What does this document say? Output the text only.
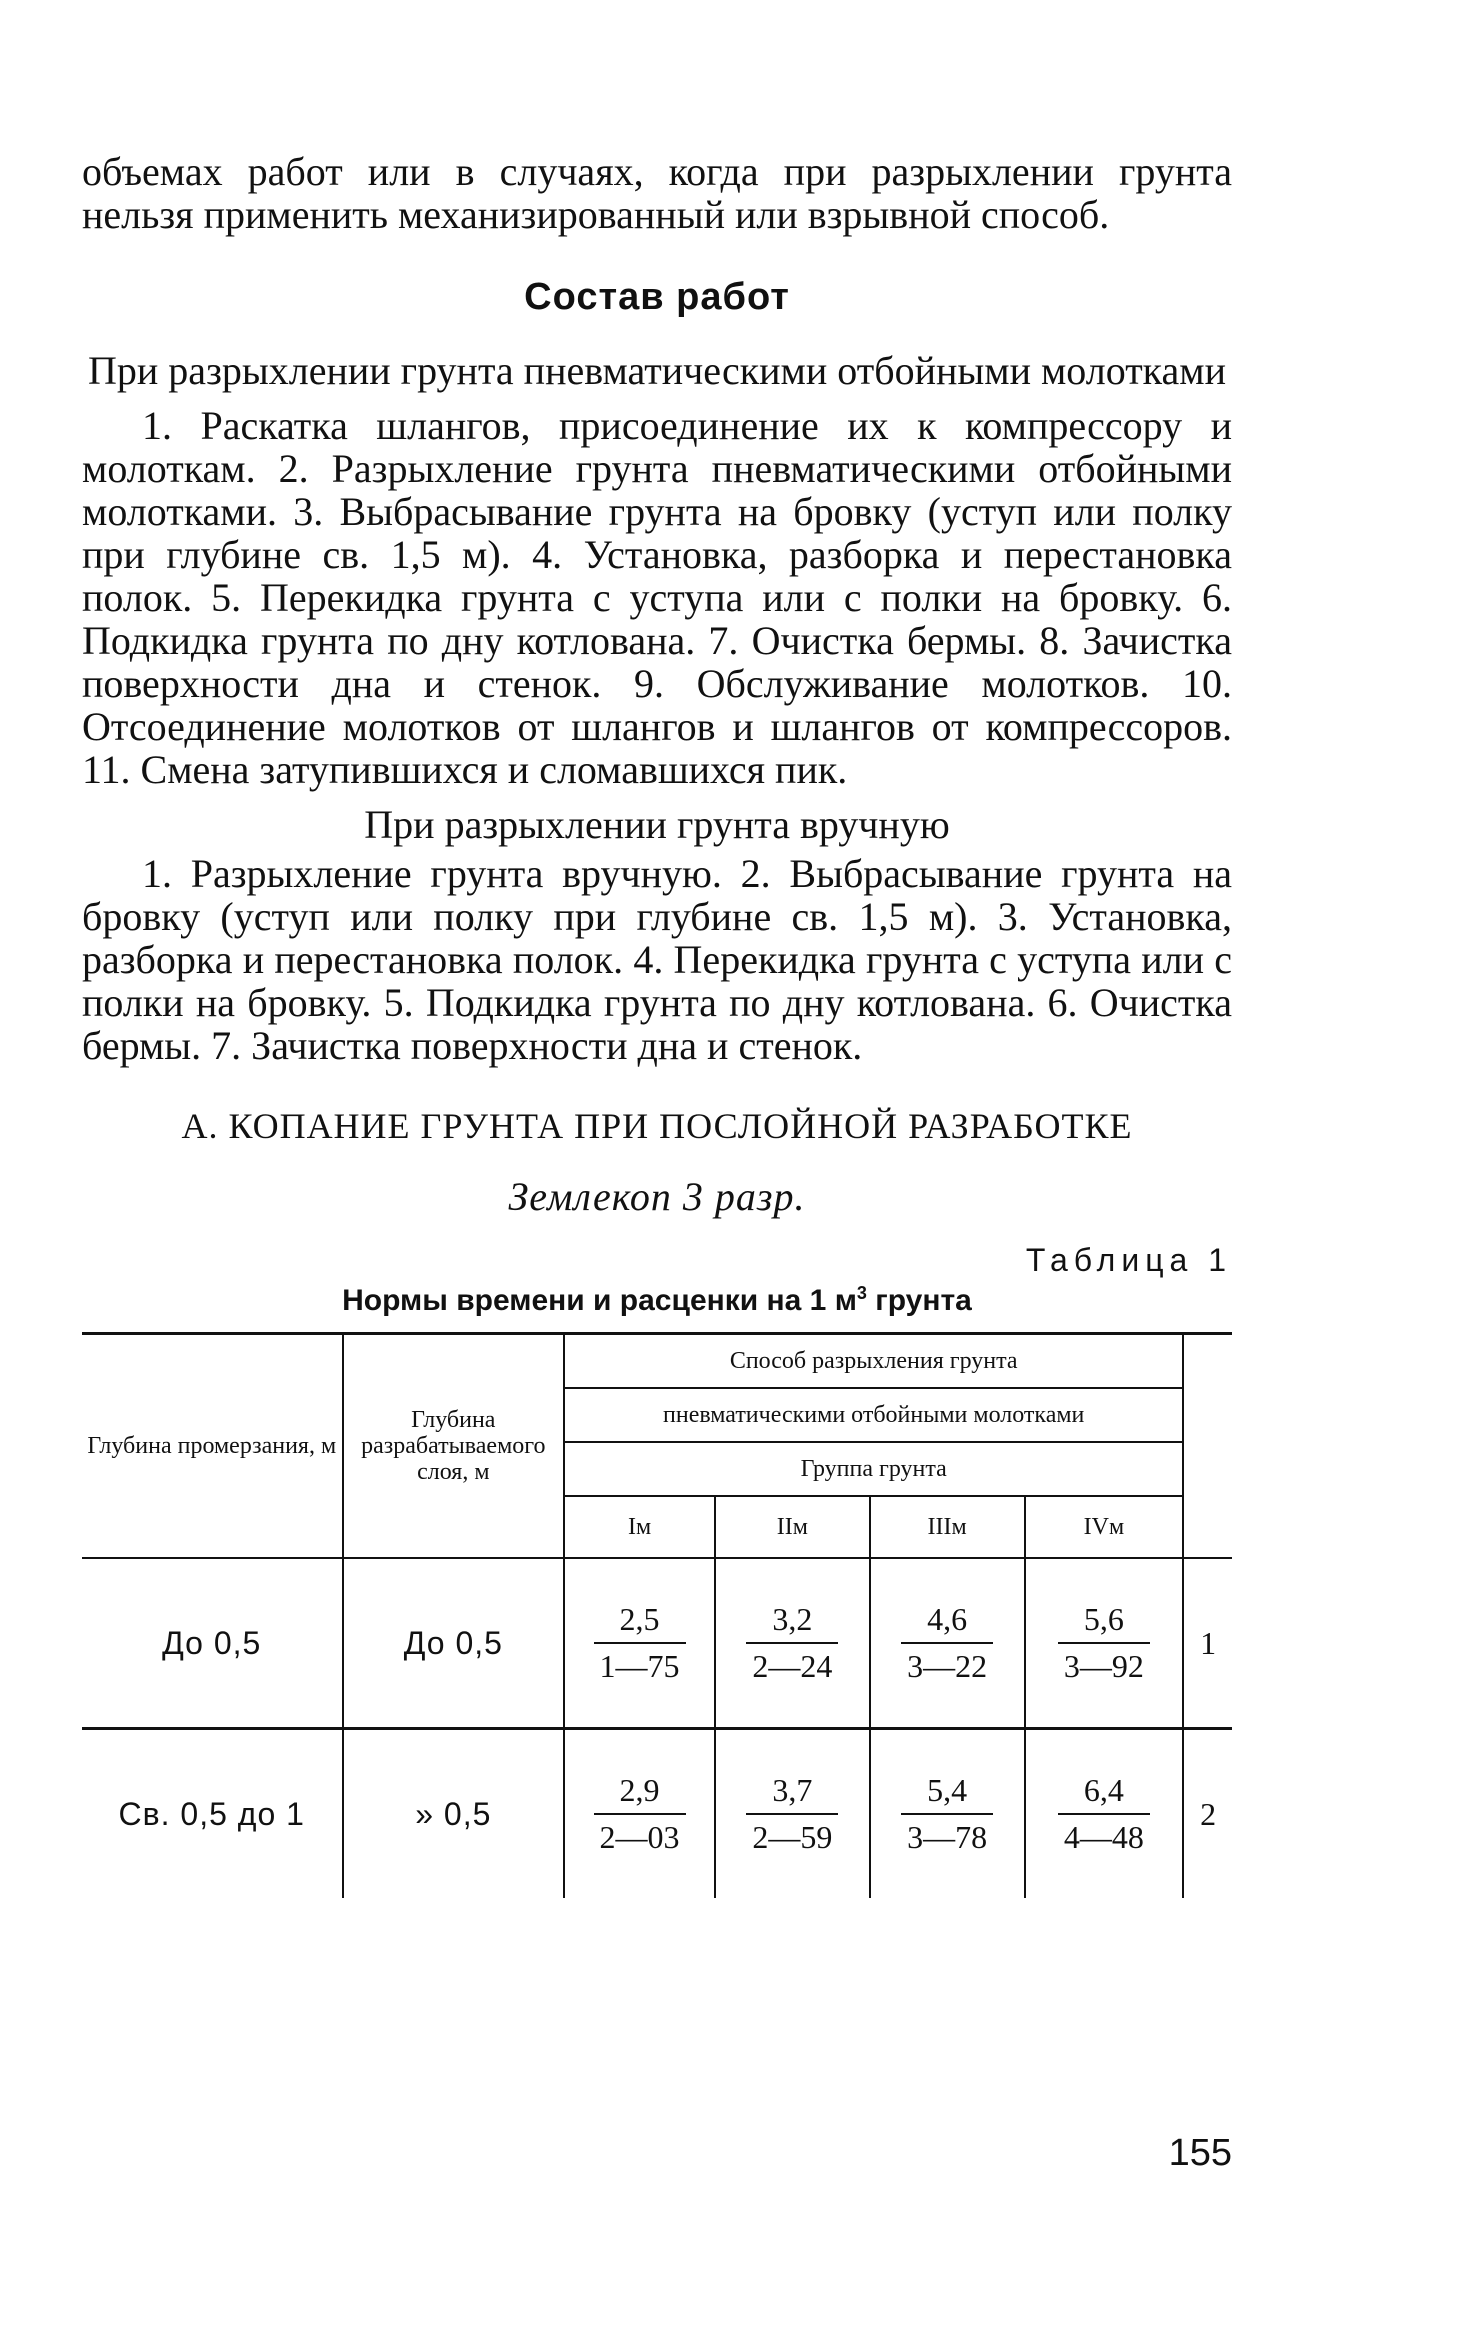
объемах работ или в случаях, когда при разрыхлении грунта нельзя применить механизированный или взрывной способ.

Состав работ
При разрыхлении грунта пневматическими отбойными молотками

1. Раскатка шлангов, присоединение их к компрессору и молоткам. 2. Разрыхление грунта пневматическими отбойными молотками. 3. Выбрасывание грунта на бровку (уступ или полку при глубине св. 1,5 м). 4. Установка, разборка и перестановка полок. 5. Перекидка грунта с уступа или с полки на бровку. 6. Подкидка грунта по дну котлована. 7. Очистка бермы. 8. Зачистка поверхности дна и стенок. 9. Обслуживание молотков. 10. Отсоединение молотков от шлангов и шлангов от компрессоров. 11. Смена затупившихся и сломавшихся пик.

При разрыхлении грунта вручную

1. Разрыхление грунта вручную. 2. Выбрасывание грунта на бровку (уступ или полку при глубине св. 1,5 м). 3. Установка, разборка и перестановка полок. 4. Перекидка грунта с уступа или с полки на бровку. 5. Подкидка грунта по дну котлована. 6. Очистка бермы. 7. Зачистка поверхности дна и стенок.

А. КОПАНИЕ ГРУНТА ПРИ ПОСЛОЙНОЙ РАЗРАБОТКЕ
Землекоп 3 разр.
Таблица 1
Нормы времени и расценки на 1 $м^3$ грунта
Глубина промерзания, м	Глубина разрабатываемого слоя, м	Способ разрыхления грунта				
		пневматическими отбойными молотками				
		Группа грунта				
		Iм	IIм	IIIм	IVм	
До 0,5	До 0,5	$\frac{2,5}{1—75}$	$\frac{3,2}{2—24}$	$\frac{4,6}{3—22}$	$\frac{5,6}{3—92}$	1
Св. 0,5 до 1	» 0,5	$\frac{2,9}{2—03}$	$\frac{3,7}{2—59}$	$\frac{5,4}{3—78}$	$\frac{6,4}{4—48}$	2
155
